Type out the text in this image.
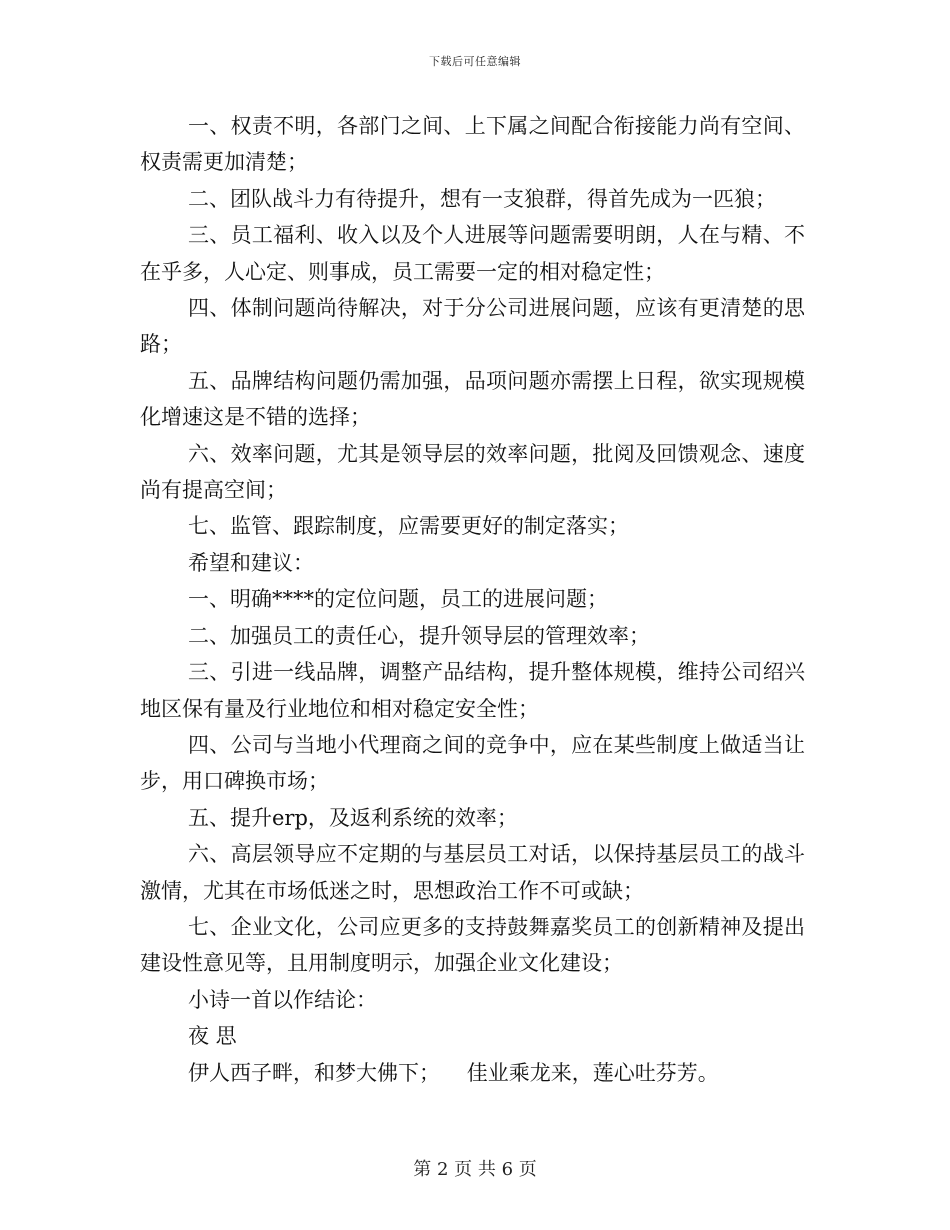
下载后可任意编辑

一、权责不明，各部门之间、上下属之间配合衔接能力尚有空间、权责需更加清楚；

二、团队战斗力有待提升，想有一支狼群，得首先成为一匹狼；

三、员工福利、收入以及个人进展等问题需要明朗，人在与精、不在乎多，人心定、则事成，员工需要一定的相对稳定性；

四、体制问题尚待解决，对于分公司进展问题，应该有更清楚的思路；

五、品牌结构问题仍需加强，品项问题亦需摆上日程，欲实现规模化增速这是不错的选择；

六、效率问题，尤其是领导层的效率问题，批阅及回馈观念、速度尚有提高空间；

七、监管、跟踪制度，应需要更好的制定落实；

希望和建议：

一、明确****的定位问题，员工的进展问题；

二、加强员工的责任心，提升领导层的管理效率；

三、引进一线品牌，调整产品结构，提升整体规模，维持公司绍兴地区保有量及行业地位和相对稳定安全性；

四、公司与当地小代理商之间的竞争中，应在某些制度上做适当让步，用口碑换市场；

五、提升erp，及返利系统的效率；

六、高层领导应不定期的与基层员工对话，以保持基层员工的战斗激情，尤其在市场低迷之时，思想政治工作不可或缺；

七、企业文化，公司应更多的支持鼓舞嘉奖员工的创新精神及提出建设性意见等，且用制度明示，加强企业文化建设；

小诗一首以作结论：

夜 思

伊人西子畔，和梦大佛下；    佳业乘龙来，莲心吐芬芳。

第 2 页 共 6 页
